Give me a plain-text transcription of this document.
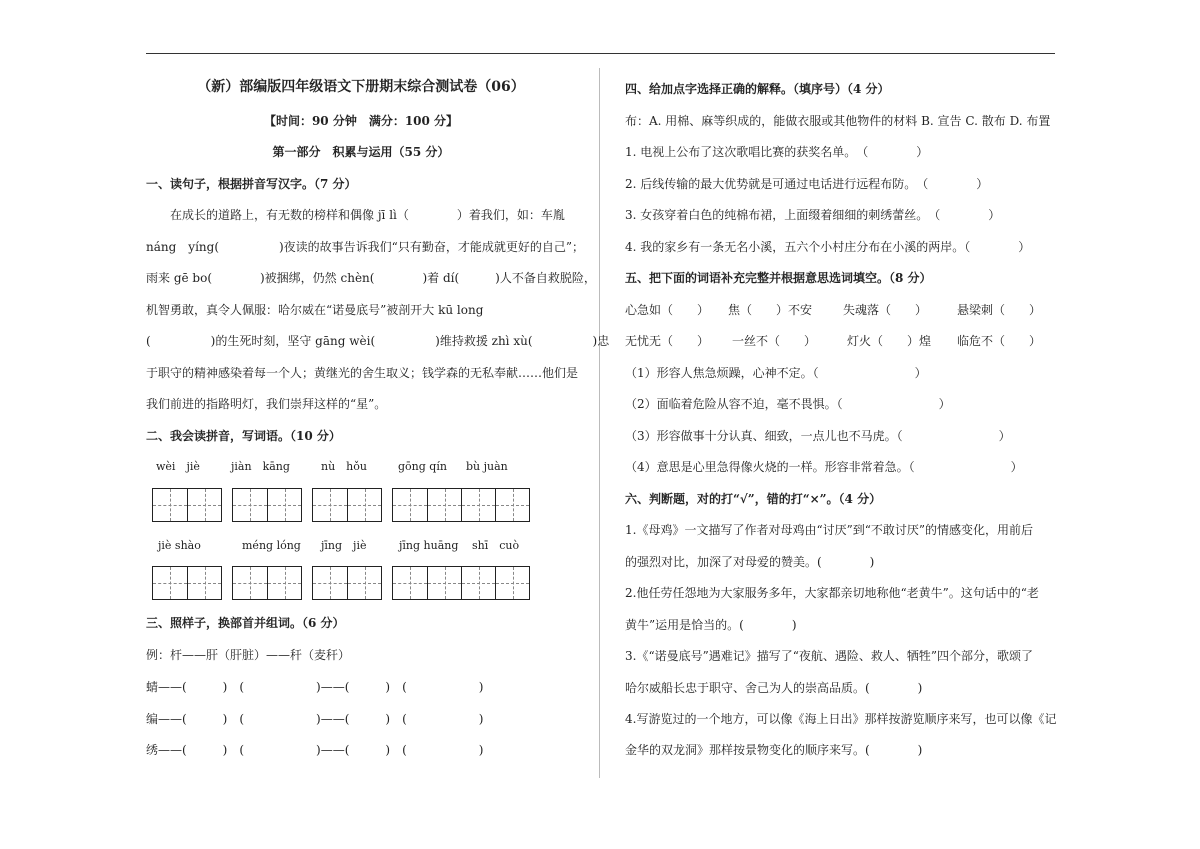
（新）部编版四年级语文下册期末综合测试卷（06）
【时间：90 分钟　满分：100 分】
第一部分　积累与运用（55 分）
一、读句子，根据拼音写汉字。（7 分）
　　在成长的道路上，有无数的榜样和偶像 jī lì（　　　　）着我们，如：车胤
náng　yíng(　　　　　)夜读的故事告诉我们“只有勤奋，才能成就更好的自己”；
雨来 gē bo(　　　　)被捆绑，仍然 chèn(　　　　)着 dí(　　　)人不备自救脱险，
机智勇敢，真令人佩服：哈尔威在“诺曼底号”被剖开大 kū long
(　　　　　)的生死时刻，坚守 gāng wèi(　　　　　)维持救援 zhì xù(　　　　　)忠
于职守的精神感染着每一个人；黄继光的舍生取义；钱学森的无私奉献……他们是
我们前进的指路明灯，我们崇拜这样的“星”。
二、我会读拼音，写词语。（10 分）
wèi　jiè	jiàn　kāng	nù　hǒu	gōng qín bù juàn
jiè shào	méng lóng jīng　jiè	jīng huāng shī　cuò
三、照样子，换部首并组词。（6 分）
例：杆——肝（肝脏）——秆（麦秆）
蜻——(　　　)　(　　　　　　)——(　　　)　(　　　　　　)
编——(　　　)　(　　　　　　)——(　　　)　(　　　　　　)
绣——(　　　)　(　　　　　　)——(　　　)　(　　　　　　)
四、给加点字选择正确的解释。（填序号）（4 分）
布：A. 用棉、麻等织成的，能做衣服或其他物件的材料 B. 宣告 C. 散布 D. 布置
1. 电视上公布了这次歌唱比赛的获奖名单。　（　　　　）
2. 后线传输的最大优势就是可通过电话进行远程布防。　（　　　　）
3. 女孩穿着白色的纯棉布裙，上面缀着细细的刺绣蕾丝。　（　　　　）
4. 我的家乡有一条无名小溪，五六个小村庄分布在小溪的两岸。（　　　　）
五、把下面的词语补充完整并根据意思选词填空。（8 分）
心急如（　　） 焦（　　）不安	失魂落（　　） 悬梁刺（　　）
无忧无（　　） 一丝不（　　）	灯火（　　）煌 临危不（　　）
（1）形容人焦急烦躁，心神不定。（　　　　　　　　）
（2）面临着危险从容不迫，毫不畏惧。（　　　　　　　　）
（3）形容做事十分认真、细致，一点儿也不马虎。（　　　　　　　　）
（4）意思是心里急得像火烧的一样。形容非常着急。（　　　　　　　　）
六、判断题，对的打“√”，错的打“×”。（4 分）
1.《母鸡》一文描写了作者对母鸡由“讨厌”到“不敢讨厌”的情感变化，用前后
的强烈对比，加深了对母爱的赞美。(　　　　)
2.他任劳任怨地为大家服务多年，大家都亲切地称他“老黄牛”。这句话中的“老
黄牛”运用是恰当的。(　　　　)
3.《“诺曼底号”遇难记》描写了“夜航、遇险、救人、牺牲”四个部分，歌颂了
哈尔威船长忠于职守、舍己为人的崇高品质。(　　　　)
4.写游览过的一个地方，可以像《海上日出》那样按游览顺序来写，也可以像《记
金华的双龙洞》那样按景物变化的顺序来写。(　　　　)
